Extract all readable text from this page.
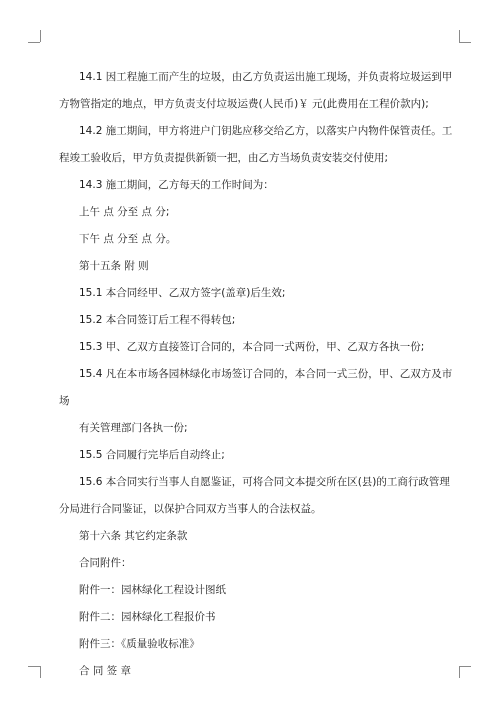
14.1 因工程施工而产生的垃圾，由乙方负责运出施工现场，并负责将垃圾运到甲
方物管指定的地点，甲方负责支付垃圾运费(人民币)￥ 元(此费用在工程价款内);
14.2 施工期间，甲方将进户门钥匙应移交给乙方，以落实户内物件保管责任。工
程竣工验收后，甲方负责提供新锁一把，由乙方当场负责安装交付使用;
14.3 施工期间，乙方每天的工作时间为：
上午 点 分至 点 分;
下午 点 分至 点 分。
第十五条 附 则
15.1 本合同经甲、乙双方签字(盖章)后生效;
15.2 本合同签订后工程不得转包;
15.3 甲、乙双方直接签订合同的，本合同一式两份，甲、乙双方各执一份;
15.4 凡在本市场各园林绿化市场签订合同的，本合同一式三份，甲、乙双方及市
场
有关管理部门各执一份;
15.5 合同履行完毕后自动终止;
15.6 本合同实行当事人自愿鉴证，可将合同文本提交所在区(县)的工商行政管理
分局进行合同鉴证，以保护合同双方当事人的合法权益。
第十六条 其它约定条款
合同附件：
附件一：园林绿化工程设计图纸
附件二：园林绿化工程报价书
附件三：《质量验收标准》
合 同 签 章
